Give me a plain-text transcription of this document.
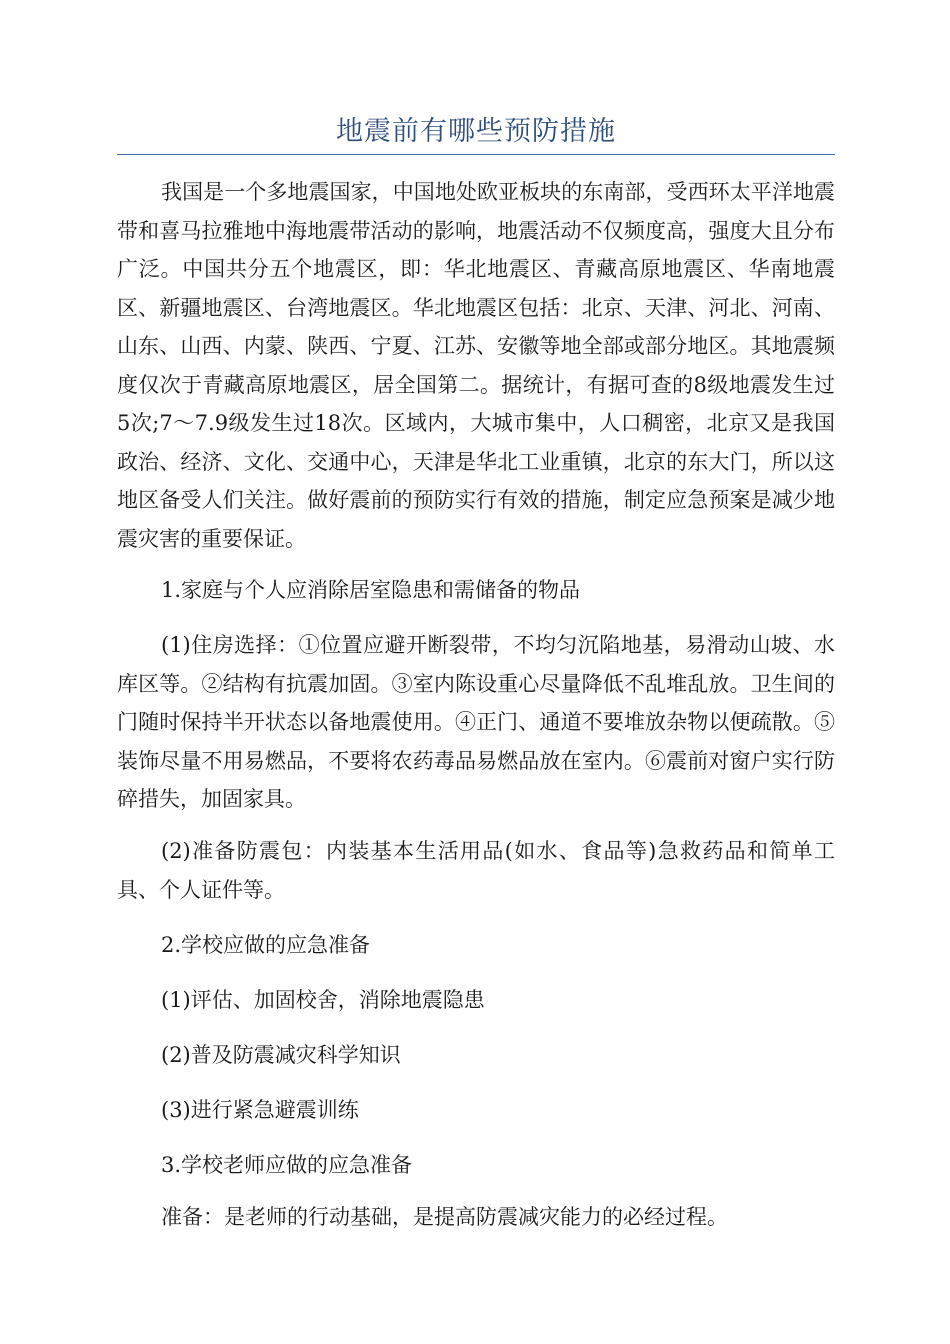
地震前有哪些预防措施

我国是一个多地震国家，中国地处欧亚板块的东南部，受西环太平洋地震带和喜马拉雅地中海地震带活动的影响，地震活动不仅频度高，强度大且分布广泛。中国共分五个地震区，即：华北地震区、青藏高原地震区、华南地震区、新疆地震区、台湾地震区。华北地震区包括：北京、天津、河北、河南、山东、山西、内蒙、陕西、宁夏、江苏、安徽等地全部或部分地区。其地震频度仅次于青藏高原地震区，居全国第二。据统计，有据可查的8级地震发生过5次;7～7.9级发生过18次。区域内，大城市集中，人口稠密，北京又是我国政治、经济、文化、交通中心，天津是华北工业重镇，北京的东大门，所以这地区备受人们关注。做好震前的预防实行有效的措施，制定应急预案是减少地震灾害的重要保证。

1.家庭与个人应消除居室隐患和需储备的物品

(1)住房选择：①位置应避开断裂带，不均匀沉陷地基，易滑动山坡、水库区等。②结构有抗震加固。③室内陈设重心尽量降低不乱堆乱放。卫生间的门随时保持半开状态以备地震使用。④正门、通道不要堆放杂物以便疏散。⑤装饰尽量不用易燃品，不要将农药毒品易燃品放在室内。⑥震前对窗户实行防碎措失，加固家具。

(2)准备防震包：内装基本生活用品(如水、食品等)急救药品和简单工具、个人证件等。

2.学校应做的应急准备

(1)评估、加固校舍，消除地震隐患

(2)普及防震减灾科学知识

(3)进行紧急避震训练

3.学校老师应做的应急准备

准备：是老师的行动基础，是提高防震减灾能力的必经过程。
